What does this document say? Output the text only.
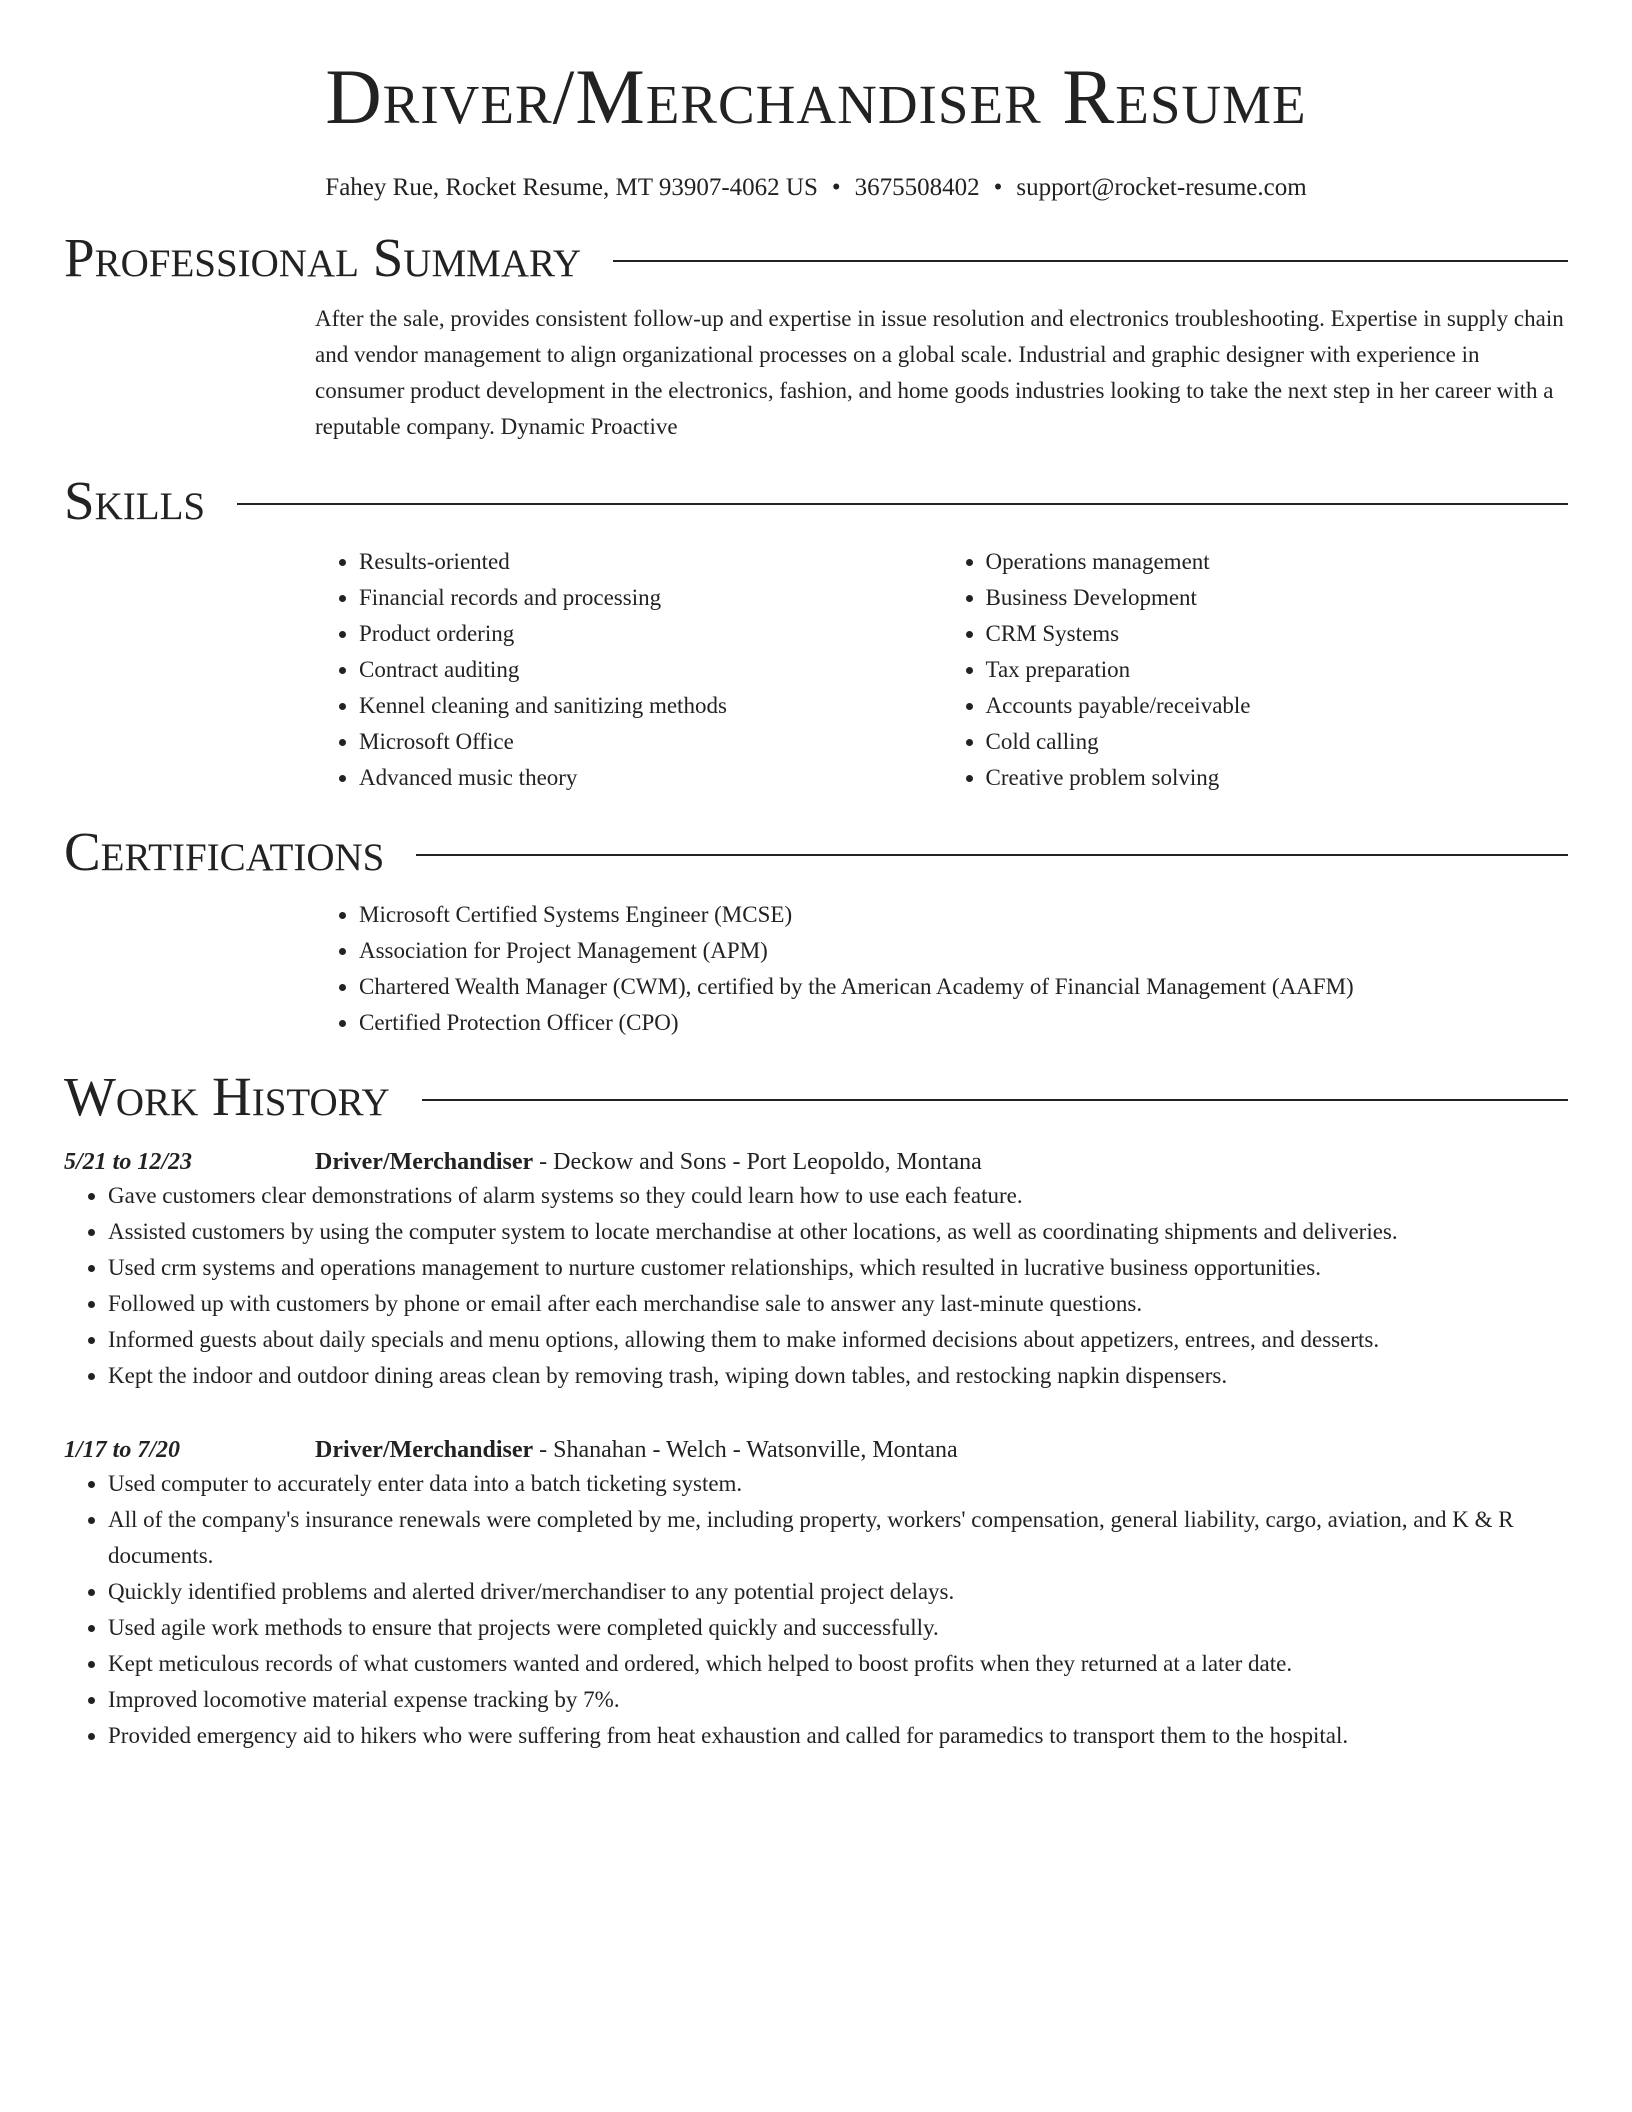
Driver/Merchandiser Resume
Fahey Rue, Rocket Resume, MT 93907-4062 US • 3675508402 • support@rocket-resume.com
Professional Summary
After the sale, provides consistent follow-up and expertise in issue resolution and electronics troubleshooting. Expertise in supply chain and vendor management to align organizational processes on a global scale. Industrial and graphic designer with experience in consumer product development in the electronics, fashion, and home goods industries looking to take the next step in her career with a reputable company. Dynamic Proactive
Skills
• Results-oriented
• Financial records and processing
• Product ordering
• Contract auditing
• Kennel cleaning and sanitizing methods
• Microsoft Office
• Advanced music theory
• Operations management
• Business Development
• CRM Systems
• Tax preparation
• Accounts payable/receivable
• Cold calling
• Creative problem solving
Certifications
• Microsoft Certified Systems Engineer (MCSE)
• Association for Project Management (APM)
• Chartered Wealth Manager (CWM), certified by the American Academy of Financial Management (AAFM)
• Certified Protection Officer (CPO)
Work History
5/21 to 12/23	Driver/Merchandiser - Deckow and Sons - Port Leopoldo, Montana
• Gave customers clear demonstrations of alarm systems so they could learn how to use each feature.
• Assisted customers by using the computer system to locate merchandise at other locations, as well as coordinating shipments and deliveries.
• Used crm systems and operations management to nurture customer relationships, which resulted in lucrative business opportunities.
• Followed up with customers by phone or email after each merchandise sale to answer any last-minute questions.
• Informed guests about daily specials and menu options, allowing them to make informed decisions about appetizers, entrees, and desserts.
• Kept the indoor and outdoor dining areas clean by removing trash, wiping down tables, and restocking napkin dispensers.
1/17 to 7/20	Driver/Merchandiser - Shanahan - Welch - Watsonville, Montana
• Used computer to accurately enter data into a batch ticketing system.
• All of the company's insurance renewals were completed by me, including property, workers' compensation, general liability, cargo, aviation, and K & R documents.
• Quickly identified problems and alerted driver/merchandiser to any potential project delays.
• Used agile work methods to ensure that projects were completed quickly and successfully.
• Kept meticulous records of what customers wanted and ordered, which helped to boost profits when they returned at a later date.
• Improved locomotive material expense tracking by 7%.
• Provided emergency aid to hikers who were suffering from heat exhaustion and called for paramedics to transport them to the hospital.
